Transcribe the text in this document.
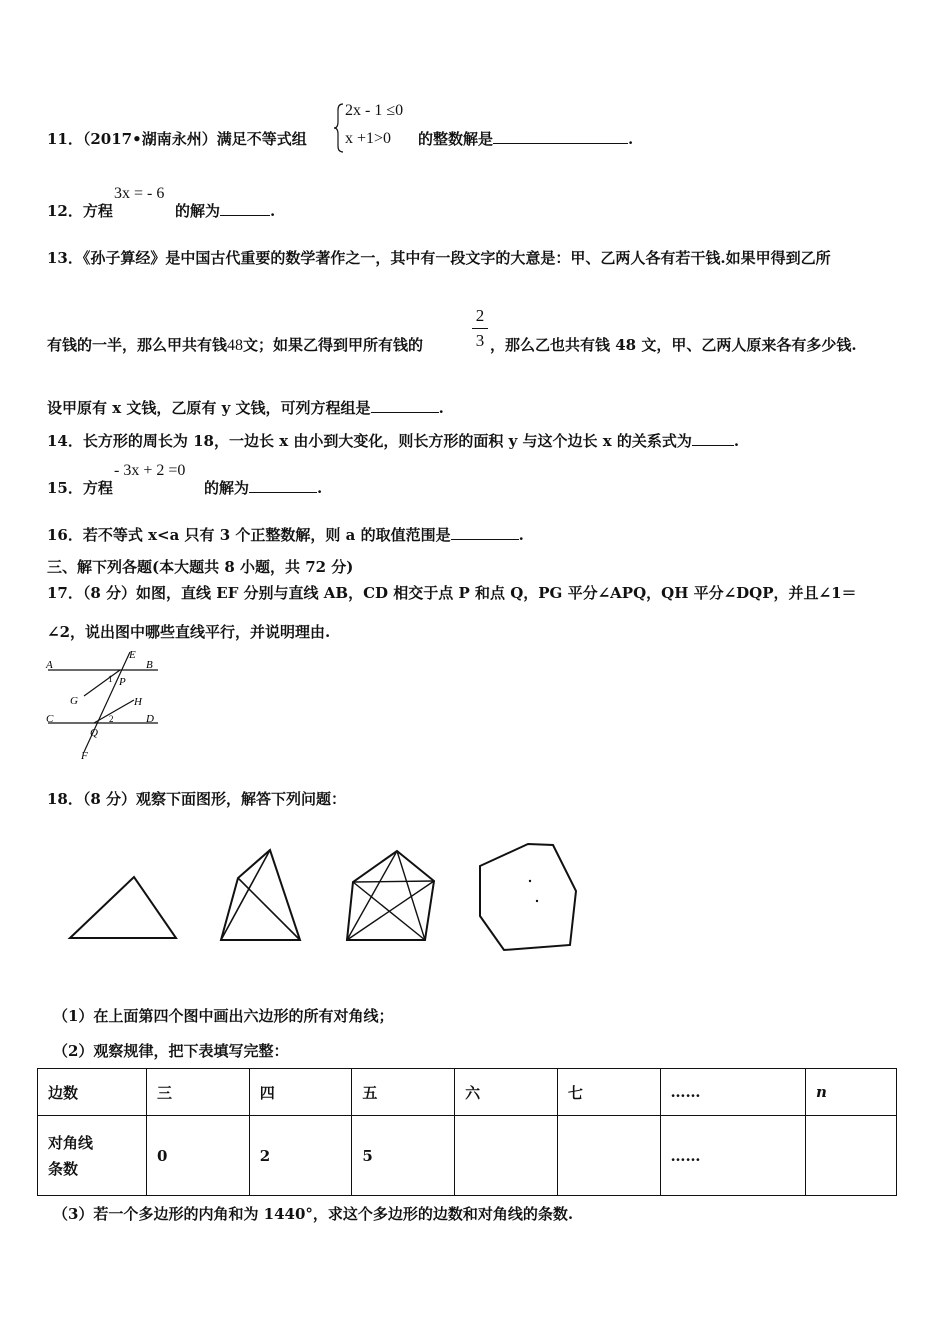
11．（2017•湖南永州）满足不等式组
2x - 1 ≤0
x +1>0 的整数解是	.
12．方程
3x = - 6
的解为	.
13．《孙子算经》是中国古代重要的数学著作之一，其中有一段文字的大意是：甲、乙两人各有若干钱.如果甲得到乙所
2
3
有钱的一半，那么甲共有钱48文；如果乙得到甲所有钱的	，那么乙也共有钱 48 文，甲、乙两人原来各有多少钱.
设甲原有 x 文钱，乙原有 y 文钱，可列方程组是	.
14．长方形的周长为 18，一边长 x 由小到大变化，则长方形的面积 y 与这个边长 x 的关系式为	.
15．方程
- 3x + 2 =0
的解为	.
16．若不等式 x<a 只有 3 个正整数解，则 a 的取值范围是	.
三、解下列各题(本大题共 8 小题，共 72 分)
17．（8 分）如图，直线 EF 分别与直线 AB，CD 相交于点 P 和点 Q，PG 平分∠APQ，QH 平分∠DQP，并且∠1＝
∠2，说出图中哪些直线平行，并说明理由.
A	B
C	D
E
F
G	H
P
Q
1
2
18．（8 分）观察下面图形，解答下列问题：
（1）在上面第四个图中画出六边形的所有对角线；
（2）观察规律，把下表填写完整：
边数	三	四	五	六	七	……	n
对角线
条数	0	2	5			……	
（3）若一个多边形的内角和为 1440°，求这个多边形的边数和对角线的条数.
